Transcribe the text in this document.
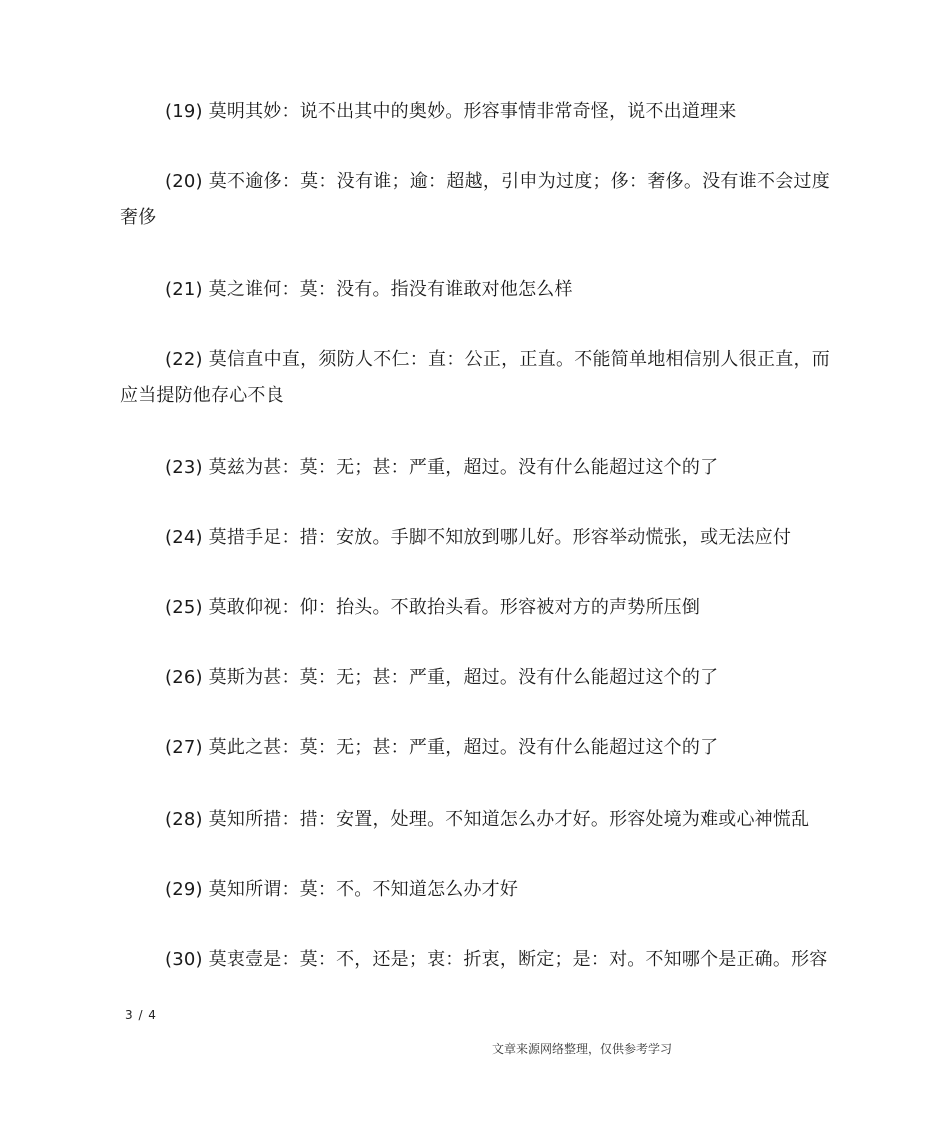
(19) 莫明其妙：说不出其中的奥妙。形容事情非常奇怪，说不出道理来

(20) 莫不逾侈：莫：没有谁；逾：超越，引申为过度；侈：奢侈。没有谁不会过度奢侈

(21) 莫之谁何：莫：没有。指没有谁敢对他怎么样

(22) 莫信直中直，须防人不仁：直：公正，正直。不能简单地相信别人很正直，而应当提防他存心不良

(23) 莫兹为甚：莫：无；甚：严重，超过。没有什么能超过这个的了

(24) 莫措手足：措：安放。手脚不知放到哪儿好。形容举动慌张，或无法应付

(25) 莫敢仰视：仰：抬头。不敢抬头看。形容被对方的声势所压倒

(26) 莫斯为甚：莫：无；甚：严重，超过。没有什么能超过这个的了

(27) 莫此之甚：莫：无；甚：严重，超过。没有什么能超过这个的了

(28) 莫知所措：措：安置，处理。不知道怎么办才好。形容处境为难或心神慌乱

(29) 莫知所谓：莫：不。不知道怎么办才好

(30) 莫衷壹是：莫：不，还是；衷：折衷，断定；是：对。不知哪个是正确。形容

3 / 4
文章来源网络整理，仅供参考学习
